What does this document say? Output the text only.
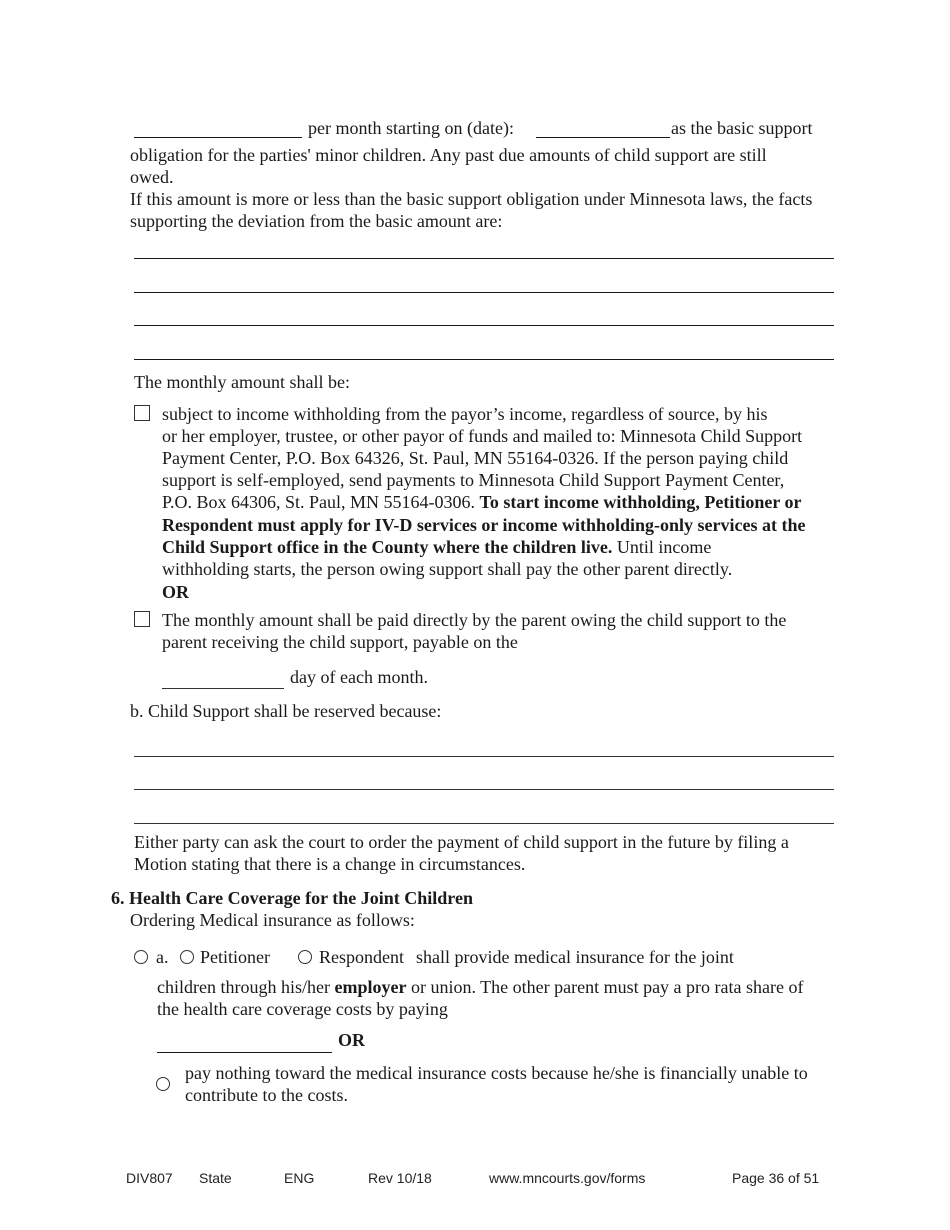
per month starting on (date):	as the basic support
obligation for the parties' minor children. Any past due amounts of child support are still
owed.
If this amount is more or less than the basic support obligation under Minnesota laws, the facts
supporting the deviation from the basic amount are:
The monthly amount shall be:
subject to income withholding from the payor’s income, regardless of source, by his
or her employer, trustee, or other payor of funds and mailed to: Minnesota Child Support
Payment Center, P.O. Box 64326, St. Paul, MN 55164-0326. If the person paying child
support is self-employed, send payments to Minnesota Child Support Payment Center,
P.O. Box 64306, St. Paul, MN 55164-0306. To start income withholding, Petitioner or
Respondent must apply for IV-D services or income withholding-only services at the
Child Support office in the County where the children live. Until income
withholding starts, the person owing support shall pay the other parent directly.
OR
The monthly amount shall be paid directly by the parent owing the child support to the
parent receiving the child support, payable on the
day of each month.
b. Child Support shall be reserved because:
Either party can ask the court to order the payment of child support in the future by filing a
Motion stating that there is a change in circumstances.
6. Health Care Coverage for the Joint Children
Ordering Medical insurance as follows:
a. Petitioner	Respondent shall provide medical insurance for the joint
children through his/her employer or union. The other parent must pay a pro rata share of
the health care coverage costs by paying
OR
pay nothing toward the medical insurance costs because he/she is financially unable to
contribute to the costs.
DIV807 State	ENG	Rev 10/18	www.mncourts.gov/forms	Page 36 of 51
